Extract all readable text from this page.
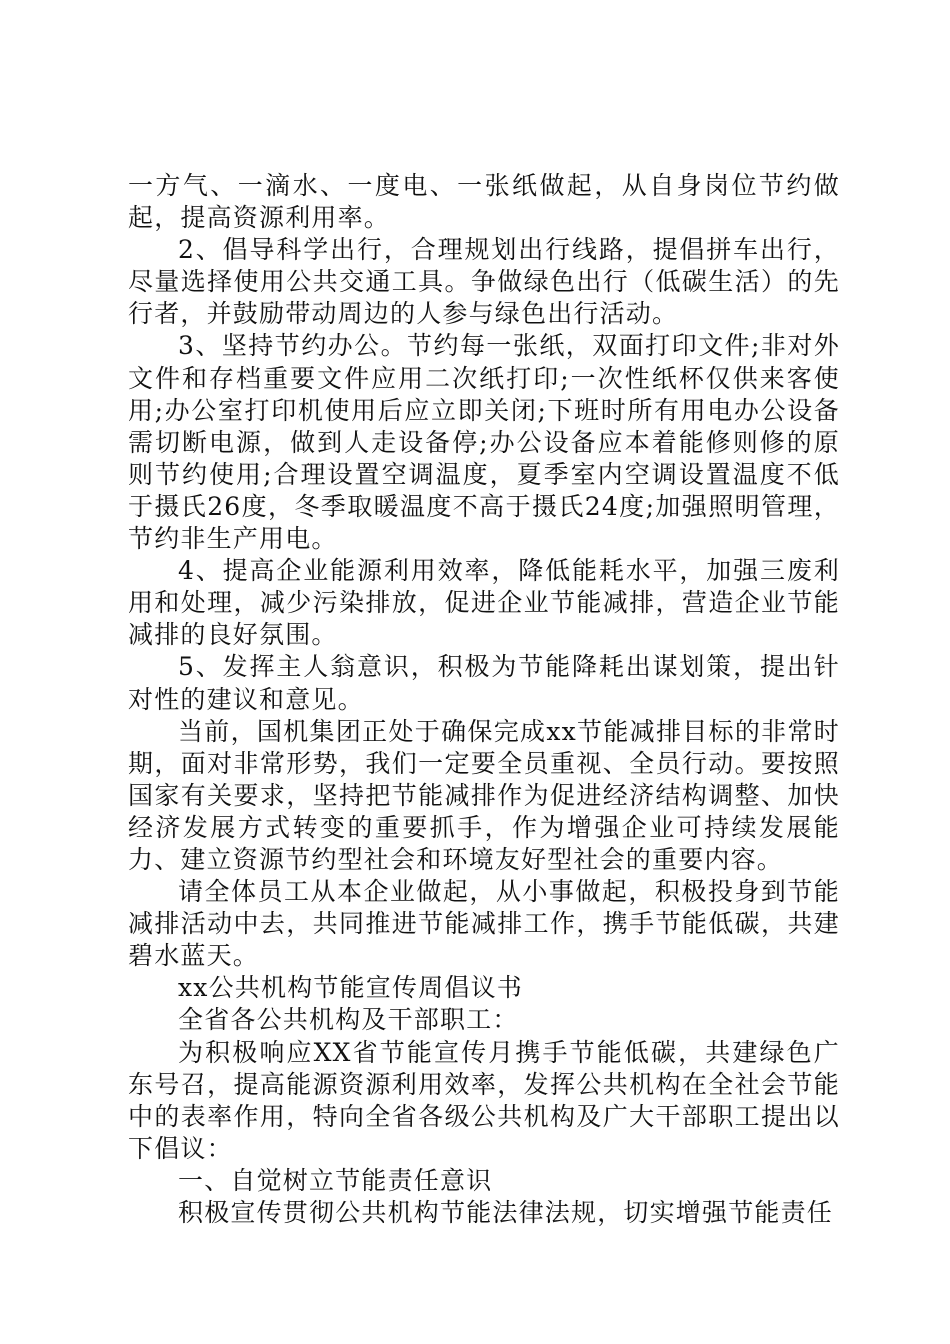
一方气、一滴水、一度电、一张纸做起，从自身岗位节约做起，提高资源利用率。

2、倡导科学出行，合理规划出行线路，提倡拼车出行，尽量选择使用公共交通工具。争做绿色出行（低碳生活）的先行者，并鼓励带动周边的人参与绿色出行活动。

3、坚持节约办公。节约每一张纸，双面打印文件;非对外文件和存档重要文件应用二次纸打印;一次性纸杯仅供来客使用;办公室打印机使用后应立即关闭;下班时所有用电办公设备需切断电源，做到人走设备停;办公设备应本着能修则修的原则节约使用;合理设置空调温度，夏季室内空调设置温度不低于摄氏26度，冬季取暖温度不高于摄氏24度;加强照明管理，节约非生产用电。

4、提高企业能源利用效率，降低能耗水平，加强三废利用和处理，减少污染排放，促进企业节能减排，营造企业节能减排的良好氛围。

5、发挥主人翁意识，积极为节能降耗出谋划策，提出针对性的建议和意见。

当前，国机集团正处于确保完成xx节能减排目标的非常时期，面对非常形势，我们一定要全员重视、全员行动。要按照国家有关要求，坚持把节能减排作为促进经济结构调整、加快经济发展方式转变的重要抓手，作为增强企业可持续发展能力、建立资源节约型社会和环境友好型社会的重要内容。

请全体员工从本企业做起，从小事做起，积极投身到节能减排活动中去，共同推进节能减排工作，携手节能低碳，共建碧水蓝天。

xx公共机构节能宣传周倡议书

全省各公共机构及干部职工：

为积极响应XX省节能宣传月携手节能低碳，共建绿色广东号召，提高能源资源利用效率，发挥公共机构在全社会节能中的表率作用，特向全省各级公共机构及广大干部职工提出以下倡议：

一、自觉树立节能责任意识

积极宣传贯彻公共机构节能法律法规，切实增强节能责任
